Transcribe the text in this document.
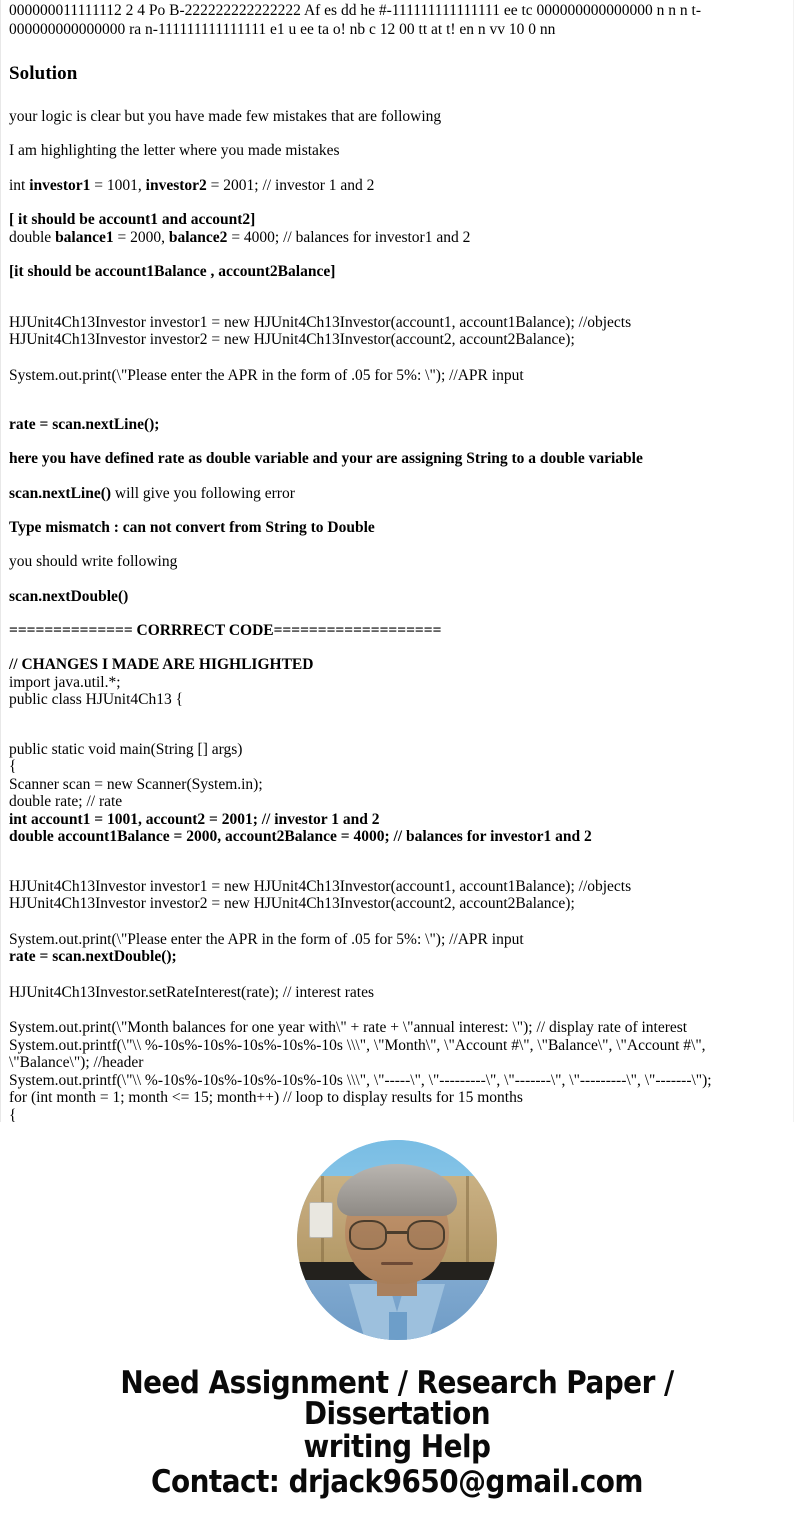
000000011111112 2 4 Po B-222222222222222 Af es dd he #-111111111111111 ee tc 000000000000000 n n n t-000000000000000 ra n-111111111111111 e1 u ee ta o! nb c 12 00 tt at t! en n vv 10 0 nn
Solution

your logic is clear but you have made few mistakes that are following

I am highlighting the letter where you made mistakes

int investor1 = 1001, investor2 = 2001; // investor 1 and 2

[ it should be account1 and account2]

double balance1 = 2000, balance2 = 4000; // balances for investor1 and 2

[it should be account1Balance , account2Balance]

HJUnit4Ch13Investor investor1 = new HJUnit4Ch13Investor(account1, account1Balance); //objects

HJUnit4Ch13Investor investor2 = new HJUnit4Ch13Investor(account2, account2Balance);

System.out.print(\"Please enter the APR in the form of .05 for 5%: \"); //APR input

rate = scan.nextLine();

here you have defined rate as double variable and your are assigning String to a double variable

scan.nextLine() will give you following error

Type mismatch : can not convert from String to Double

you should write following

scan.nextDouble()

============== CORRRECT CODE===================

// CHANGES I MADE ARE HIGHLIGHTED

import java.util.*;

public class HJUnit4Ch13 {

public static void main(String [] args)

{

Scanner scan = new Scanner(System.in);

double rate; // rate

int account1 = 1001, account2 = 2001; // investor 1 and 2

double account1Balance = 2000, account2Balance = 4000; // balances for investor1 and 2

HJUnit4Ch13Investor investor1 = new HJUnit4Ch13Investor(account1, account1Balance); //objects

HJUnit4Ch13Investor investor2 = new HJUnit4Ch13Investor(account2, account2Balance);

System.out.print(\"Please enter the APR in the form of .05 for 5%: \"); //APR input

rate = scan.nextDouble();

HJUnit4Ch13Investor.setRateInterest(rate); // interest rates

System.out.print(\"Month balances for one year with\" + rate + \"annual interest: \"); // display rate of interest

System.out.printf(\"\\ %-10s%-10s%-10s%-10s%-10s \\\", \"Month\", \"Account #\", \"Balance\", \"Account #\", \"Balance\"); //header

System.out.printf(\"\\ %-10s%-10s%-10s%-10s%-10s \\\", \"-----\", \"---------\", \"-------\", \"---------\", \"-------\");

for (int month = 1; month <= 15; month++) // loop to display results for 15 months

{

Need Assignment / Research Paper / Dissertation
writing Help
Contact: drjack9650@gmail.com
